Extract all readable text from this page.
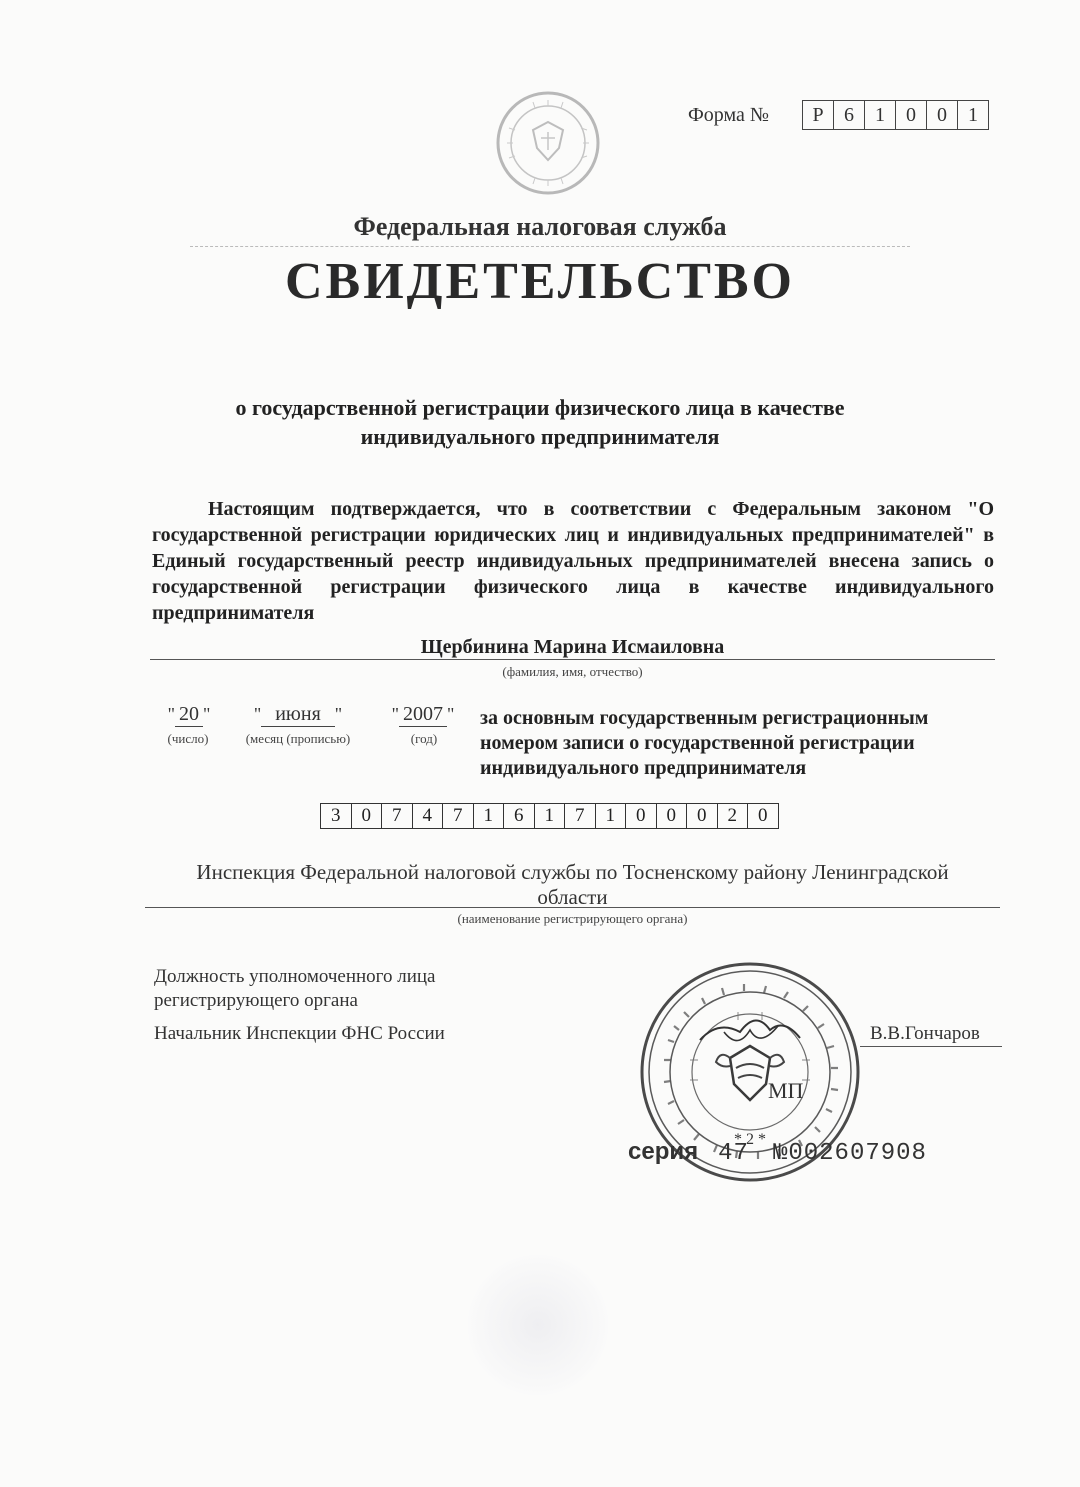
Форма №	Р	6	1	0	0	1
Федеральная налоговая служба
СВИДЕТЕЛЬСТВО
о государственной регистрации физического лица в качестве
индивидуального предпринимателя
Настоящим подтверждается, что в соответствии с Федеральным законом "О государственной регистрации юридических лиц и индивидуальных предпринимателей" в Единый государственный реестр индивидуальных предпринимателей внесена запись о государственной регистрации физического лица в качестве индивидуального предпринимателя
Щербинина Марина Исмаиловна
(фамилия, имя, отчество)
" 20 "	" июня "	" 2007 "
(число)	(месяц (прописью)	(год)
за основным государственным регистрационным
номером записи о государственной регистрации
индивидуального предпринимателя
3	0	7	4	7	1	6	1	7	1	0	0	0	2	0
Инспекция Федеральной налоговой службы по Тосненскому району Ленинградской
области
(наименование регистрирующего органа)
Должность уполномоченного лица
регистрирующего органа
Начальник Инспекции ФНС России
МП
* 2 *
В.В.Гончаров
серия 47 №002607908
